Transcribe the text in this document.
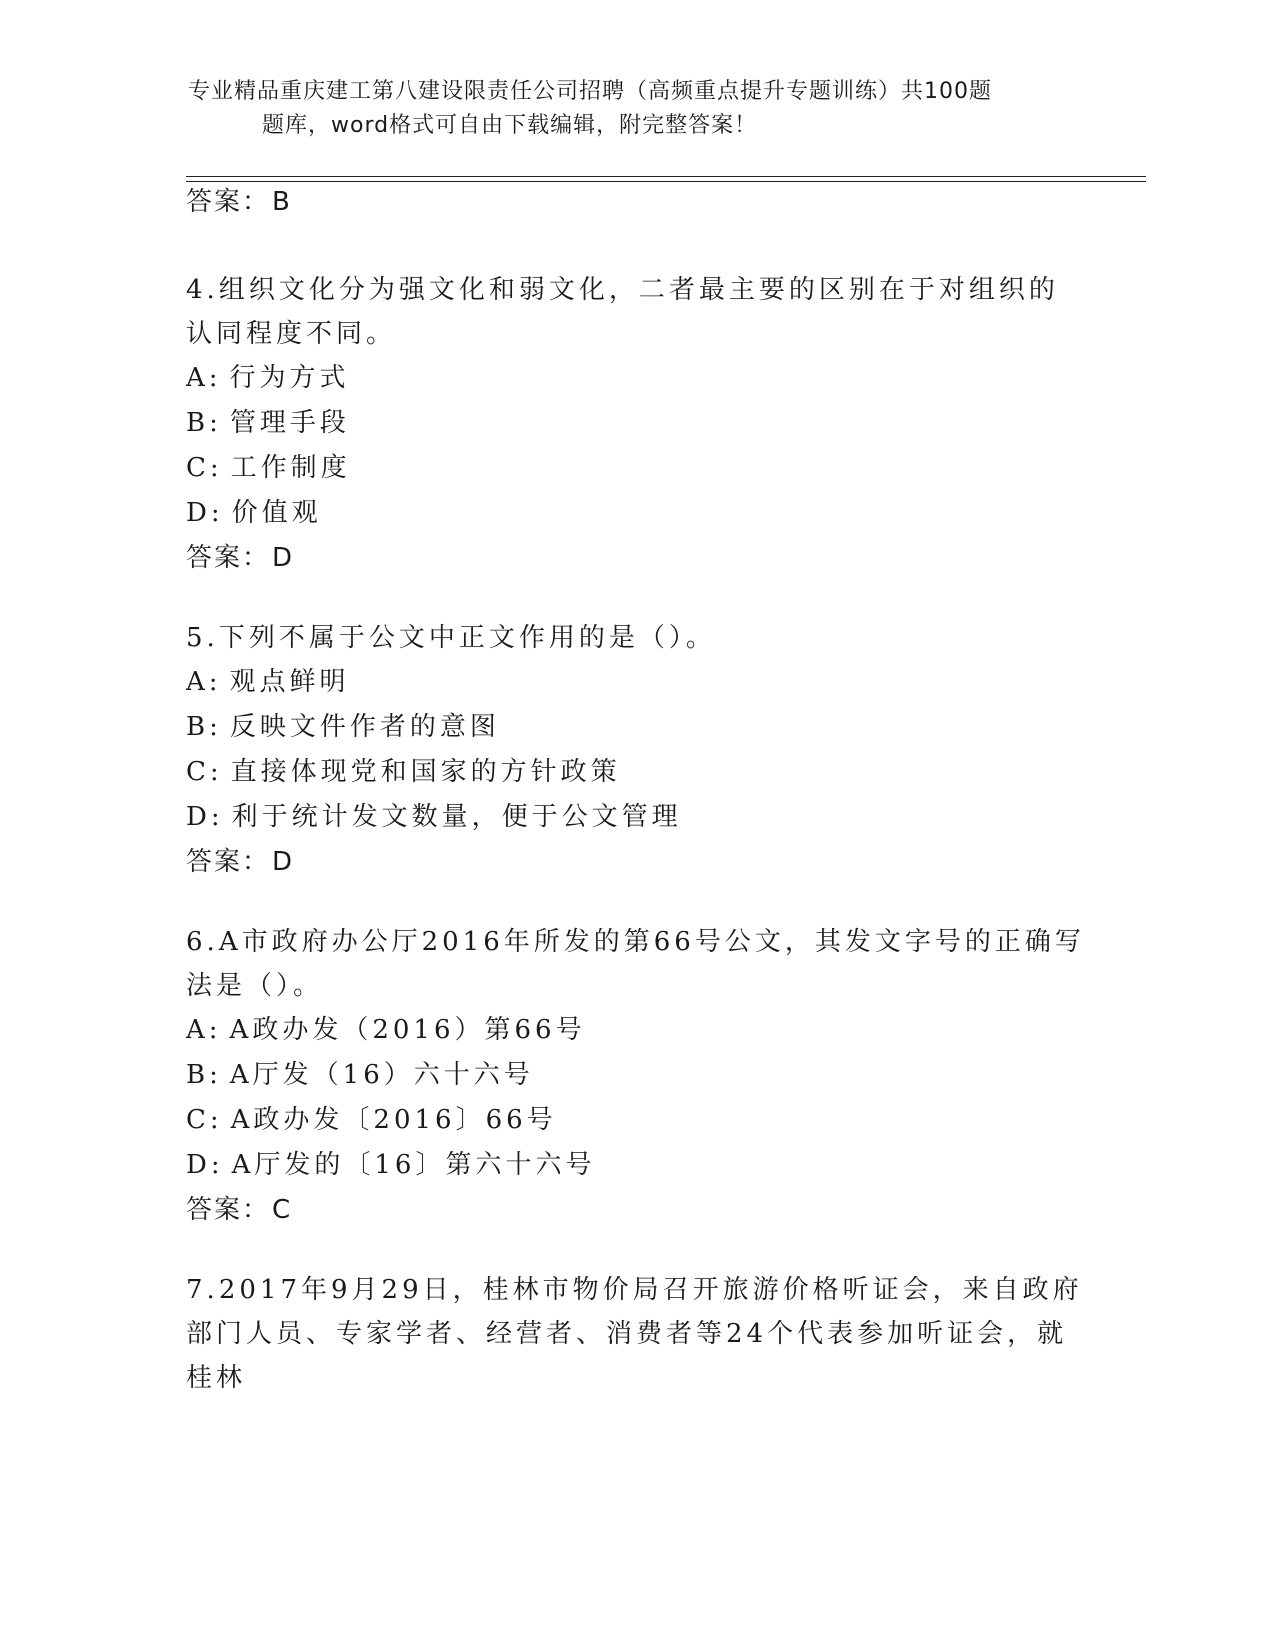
专业精品重庆建工第八建设限责任公司招聘（高频重点提升专题训练）共100题
题库，word格式可自由下载编辑，附完整答案！

答案：B

4.组织文化分为强文化和弱文化，二者最主要的区别在于对组织的认同程度不同。

A: 行为方式

B: 管理手段

C: 工作制度

D: 价值观

答案：D

5.下列不属于公文中正文作用的是（）。

A: 观点鲜明

B: 反映文件作者的意图

C: 直接体现党和国家的方针政策

D: 利于统计发文数量，便于公文管理

答案：D

6.A市政府办公厅2016年所发的第66号公文，其发文字号的正确写法是（）。

A: A政办发（2016）第66号

B: A厅发（16）六十六号

C: A政办发〔2016〕66号

D: A厅发的〔16〕第六十六号

答案：C

7.2017年9月29日，桂林市物价局召开旅游价格听证会，来自政府部门人员、专家学者、经营者、消费者等24个代表参加听证会，就桂林
